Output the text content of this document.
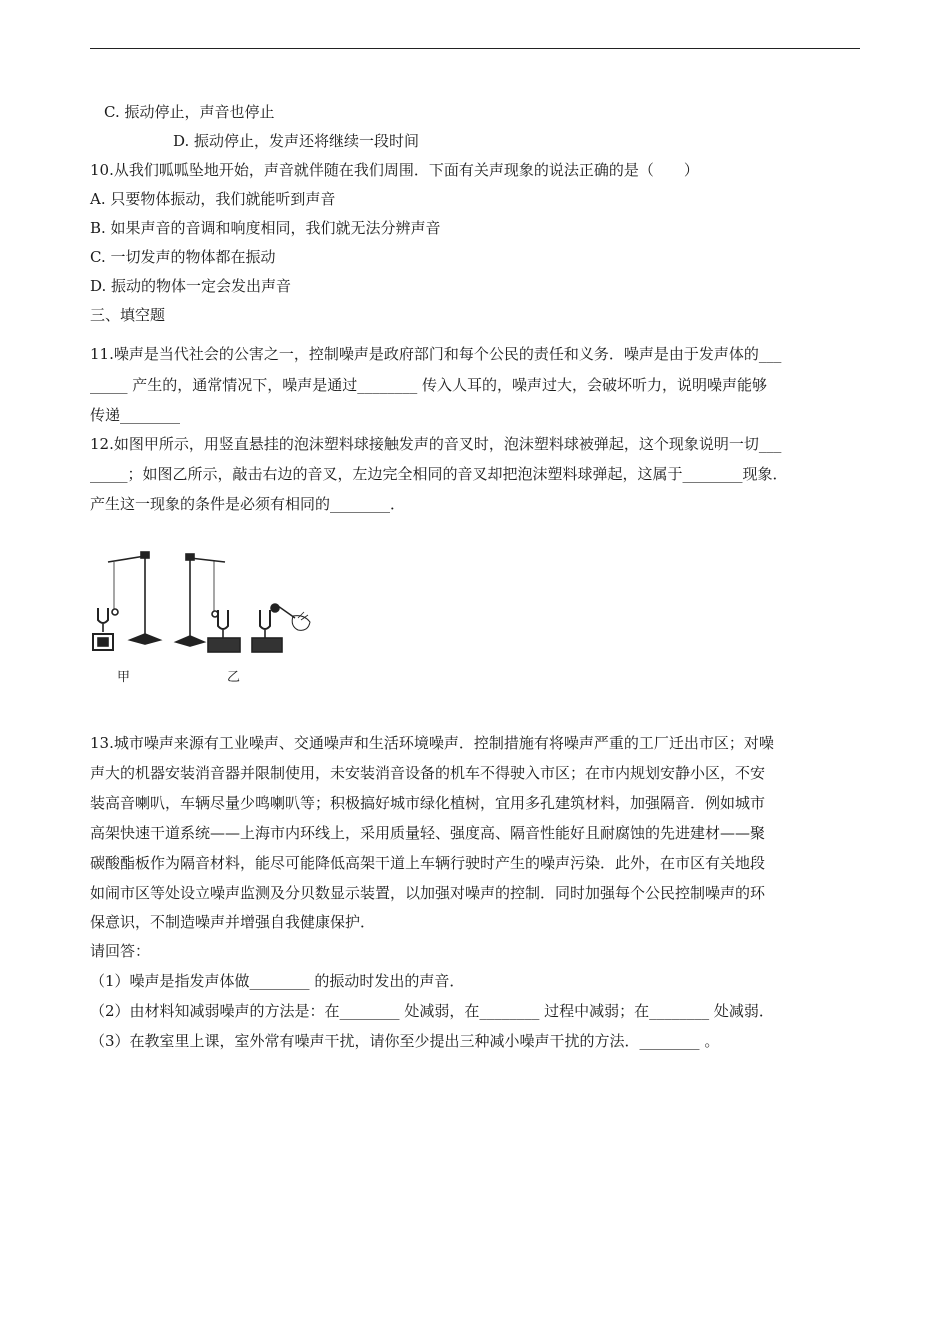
C. 振动停止，声音也停止
D. 振动停止，发声还将继续一段时间
10.从我们呱呱坠地开始，声音就伴随在我们周围．下面有关声现象的说法正确的是（　　）
A. 只要物体振动，我们就能听到声音
B. 如果声音的音调和响度相同，我们就无法分辨声音
C. 一切发声的物体都在振动
D. 振动的物体一定会发出声音
三、填空题
11.噪声是当代社会的公害之一，控制噪声是政府部门和每个公民的责任和义务．噪声是由于发声体的___
_____ 产生的，通常情况下，噪声是通过________ 传入人耳的，噪声过大，会破坏听力，说明噪声能够
传递________
12.如图甲所示，用竖直悬挂的泡沫塑料球接触发声的音叉时，泡沫塑料球被弹起，这个现象说明一切___
_____；如图乙所示，敲击右边的音叉，左边完全相同的音叉却把泡沫塑料球弹起，这属于________现象．
产生这一现象的条件是必须有相同的________．
甲	乙
13.城市噪声来源有工业噪声、交通噪声和生活环境噪声．控制措施有将噪声严重的工厂迁出市区；对噪
声大的机器安装消音器并限制使用，未安装消音设备的机车不得驶入市区；在市内规划安静小区，不安
装高音喇叭，车辆尽量少鸣喇叭等；积极搞好城市绿化植树，宜用多孔建筑材料，加强隔音．例如城市
高架快速干道系统——上海市内环线上，采用质量轻、强度高、隔音性能好且耐腐蚀的先进建材——聚
碳酸酯板作为隔音材料，能尽可能降低高架干道上车辆行驶时产生的噪声污染．此外，在市区有关地段
如闹市区等处设立噪声监测及分贝数显示装置，以加强对噪声的控制．同时加强每个公民控制噪声的环
保意识，不制造噪声并增强自我健康保护．
请回答：
（1）噪声是指发声体做________ 的振动时发出的声音．
（2）由材料知减弱噪声的方法是：在________ 处减弱，在________ 过程中减弱；在________ 处减弱．
（3）在教室里上课，室外常有噪声干扰，请你至少提出三种减小噪声干扰的方法．________ 。
